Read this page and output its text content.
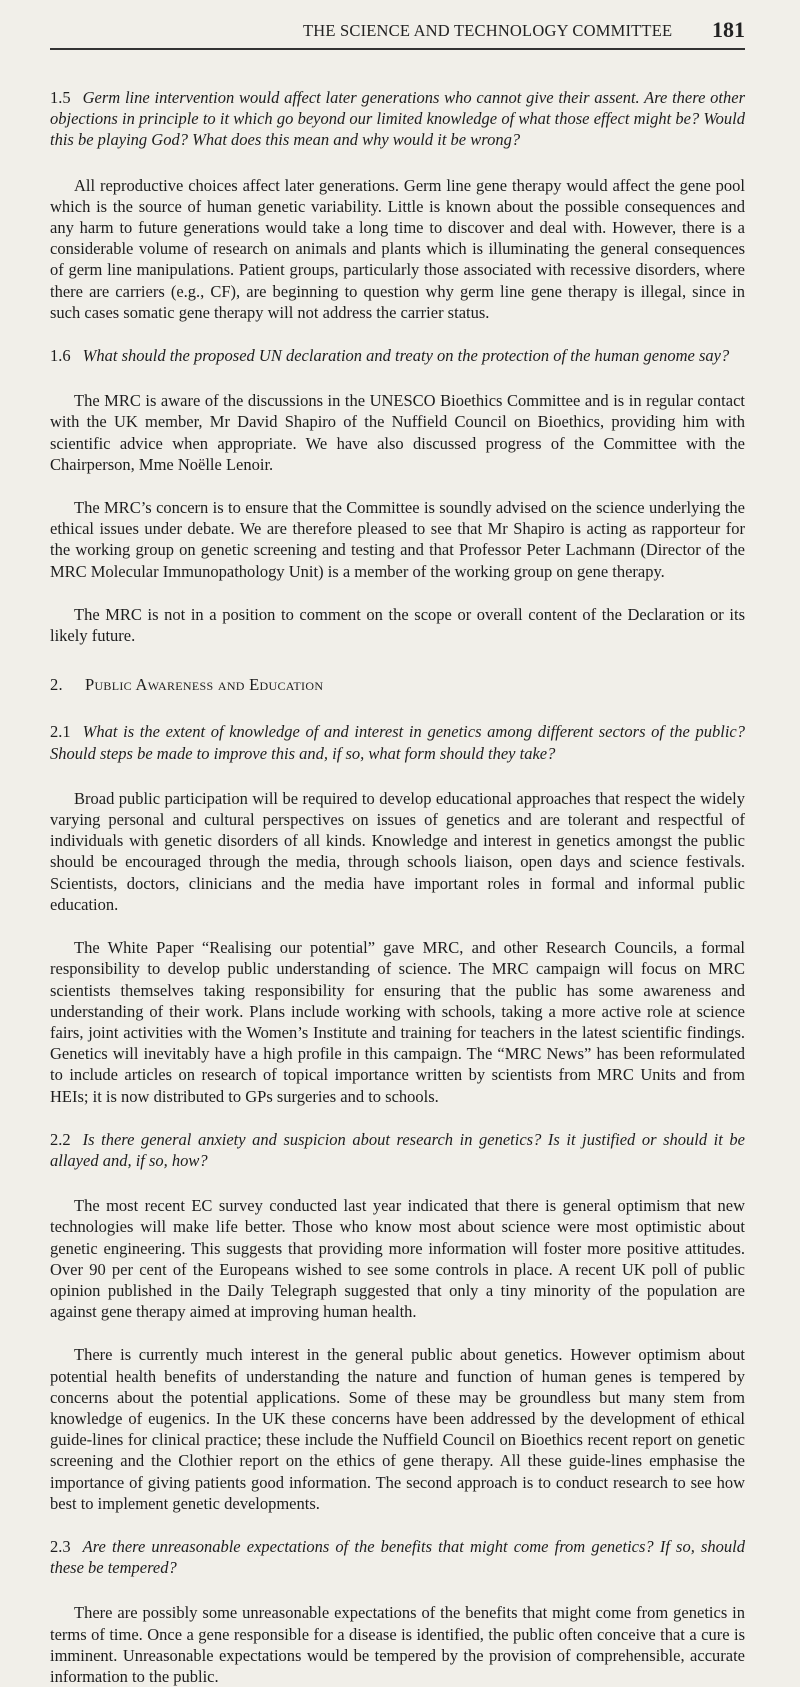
THE SCIENCE AND TECHNOLOGY COMMITTEE 181

1.5 Germ line intervention would affect later generations who cannot give their assent. Are there other objections in principle to it which go beyond our limited knowledge of what those effect might be? Would this be playing God? What does this mean and why would it be wrong?

All reproductive choices affect later generations. Germ line gene therapy would affect the gene pool which is the source of human genetic variability. Little is known about the possible consequences and any harm to future generations would take a long time to discover and deal with. However, there is a considerable volume of research on animals and plants which is illuminating the general consequences of germ line manipulations. Patient groups, particularly those associated with recessive disorders, where there are carriers (e.g., CF), are beginning to question why germ line gene therapy is illegal, since in such cases somatic gene therapy will not address the carrier status.

1.6 What should the proposed UN declaration and treaty on the protection of the human genome say?

The MRC is aware of the discussions in the UNESCO Bioethics Committee and is in regular contact with the UK member, Mr David Shapiro of the Nuffield Council on Bioethics, providing him with scientific advice when appropriate. We have also discussed progress of the Committee with the Chairperson, Mme Noëlle Lenoir.

The MRC’s concern is to ensure that the Committee is soundly advised on the science underlying the ethical issues under debate. We are therefore pleased to see that Mr Shapiro is acting as rapporteur for the working group on genetic screening and testing and that Professor Peter Lachmann (Director of the MRC Molecular Immunopathology Unit) is a member of the working group on gene therapy.

The MRC is not in a position to comment on the scope or overall content of the Declaration or its likely future.

2. Public Awareness and Education

2.1 What is the extent of knowledge of and interest in genetics among different sectors of the public? Should steps be made to improve this and, if so, what form should they take?

Broad public participation will be required to develop educational approaches that respect the widely varying personal and cultural perspectives on issues of genetics and are tolerant and respectful of individuals with genetic disorders of all kinds. Knowledge and interest in genetics amongst the public should be encouraged through the media, through schools liaison, open days and science festivals. Scientists, doctors, clinicians and the media have important roles in formal and informal public education.

The White Paper “Realising our potential” gave MRC, and other Research Councils, a formal responsibility to develop public understanding of science. The MRC campaign will focus on MRC scientists themselves taking responsibility for ensuring that the public has some awareness and understanding of their work. Plans include working with schools, taking a more active role at science fairs, joint activities with the Women’s Institute and training for teachers in the latest scientific findings. Genetics will inevitably have a high profile in this campaign. The “MRC News” has been reformulated to include articles on research of topical importance written by scientists from MRC Units and from HEIs; it is now distributed to GPs surgeries and to schools.

2.2 Is there general anxiety and suspicion about research in genetics? Is it justified or should it be allayed and, if so, how?

The most recent EC survey conducted last year indicated that there is general optimism that new technologies will make life better. Those who know most about science were most optimistic about genetic engineering. This suggests that providing more information will foster more positive attitudes. Over 90 per cent of the Europeans wished to see some controls in place. A recent UK poll of public opinion published in the Daily Telegraph suggested that only a tiny minority of the population are against gene therapy aimed at improving human health.

There is currently much interest in the general public about genetics. However optimism about potential health benefits of understanding the nature and function of human genes is tempered by concerns about the potential applications. Some of these may be groundless but many stem from knowledge of eugenics. In the UK these concerns have been addressed by the development of ethical guide-lines for clinical practice; these include the Nuffield Council on Bioethics recent report on genetic screening and the Clothier report on the ethics of gene therapy. All these guide-lines emphasise the importance of giving patients good information. The second approach is to conduct research to see how best to implement genetic developments.

2.3 Are there unreasonable expectations of the benefits that might come from genetics? If so, should these be tempered?

There are possibly some unreasonable expectations of the benefits that might come from genetics in terms of time. Once a gene responsible for a disease is identified, the public often conceive that a cure is imminent. Unreasonable expectations would be tempered by the provision of comprehensible, accurate information to the public.
